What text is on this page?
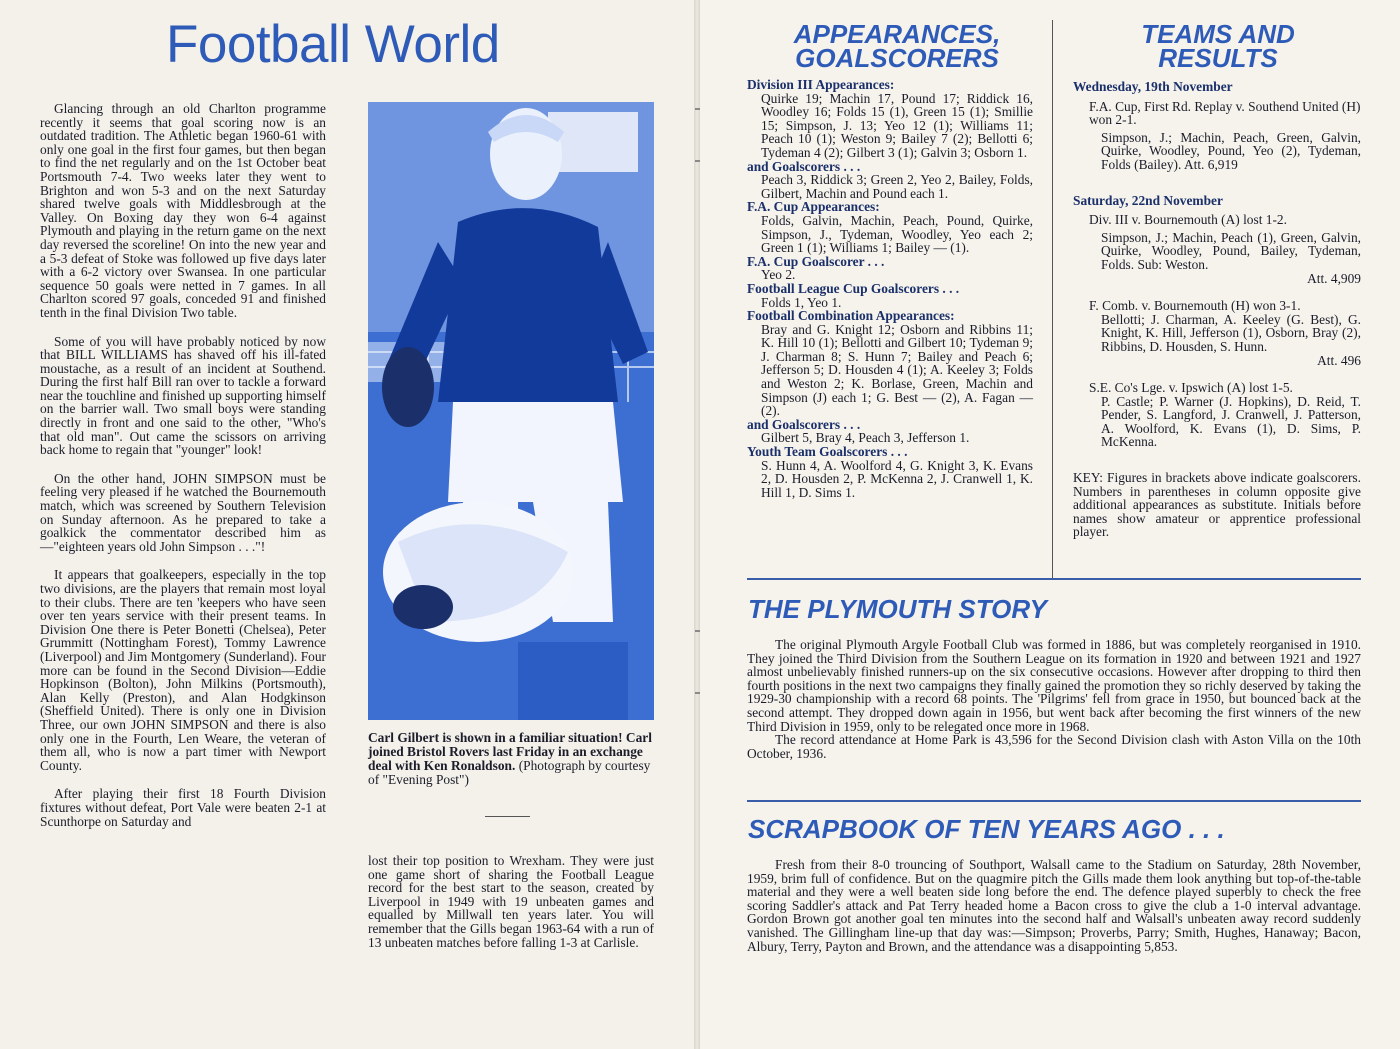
Football World

Glancing through an old Charlton programme recently it seems that goal scoring now is an outdated tradition. The Athletic began 1960-61 with only one goal in the first four games, but then began to find the net regularly and on the 1st October beat Portsmouth 7-4. Two weeks later they went to Brighton and won 5-3 and on the next Saturday shared twelve goals with Middlesbrough at the Valley. On Boxing day they won 6-4 against Plymouth and playing in the return game on the next day reversed the scoreline! On into the new year and a 5-3 defeat of Stoke was followed up five days later with a 6-2 victory over Swansea. In one particular sequence 50 goals were netted in 7 games. In all Charlton scored 97 goals, conceded 91 and finished tenth in the final Division Two table.

Some of you will have probably noticed by now that BILL WILLIAMS has shaved off his ill-fated moustache, as a result of an incident at Southend. During the first half Bill ran over to tackle a forward near the touchline and finished up supporting himself on the barrier wall. Two small boys were standing directly in front and one said to the other, "Who's that old man". Out came the scissors on arriving back home to regain that "younger" look!

On the other hand, JOHN SIMPSON must be feeling very pleased if he watched the Bournemouth match, which was screened by Southern Television on Sunday afternoon. As he prepared to take a goalkick the commentator described him as—"eighteen years old John Simpson . . ."!

It appears that goalkeepers, especially in the top two divisions, are the players that remain most loyal to their clubs. There are ten 'keepers who have seen over ten years service with their present teams. In Division One there is Peter Bonetti (Chelsea), Peter Grummitt (Nottingham Forest), Tommy Lawrence (Liverpool) and Jim Montgomery (Sunderland). Four more can be found in the Second Division—Eddie Hopkinson (Bolton), John Milkins (Portsmouth), Alan Kelly (Preston), and Alan Hodgkinson (Sheffield United). There is only one in Division Three, our own JOHN SIMPSON and there is also only one in the Fourth, Len Weare, the veteran of them all, who is now a part timer with Newport County.

After playing their first 18 Fourth Division fixtures without defeat, Port Vale were beaten 2-1 at Scunthorpe on Saturday and

Carl Gilbert is shown in a familiar situation! Carl joined Bristol Rovers last Friday in an exchange deal with Ken Ronaldson. (Photograph by courtesy of "Evening Post")

lost their top position to Wrexham. They were just one game short of sharing the Football League record for the best start to the season, created by Liverpool in 1949 with 19 unbeaten games and equalled by Millwall ten years later. You will remember that the Gills began 1963-64 with a run of 13 unbeaten matches before falling 1-3 at Carlisle.

APPEARANCES,
GOALSCORERS
Division III Appearances:
Quirke 19; Machin 17, Pound 17; Riddick 16, Woodley 16; Folds 15 (1), Green 15 (1); Smillie 15; Simpson, J. 13; Yeo 12 (1); Williams 11; Peach 10 (1); Weston 9; Bailey 7 (2); Bellotti 6; Tydeman 4 (2); Gilbert 3 (1); Galvin 3; Osborn 1.
and Goalscorers . . .
Peach 3, Riddick 3; Green 2, Yeo 2, Bailey, Folds, Gilbert, Machin and Pound each 1.
F.A. Cup Appearances:
Folds, Galvin, Machin, Peach, Pound, Quirke, Simpson, J., Tydeman, Woodley, Yeo each 2; Green 1 (1); Williams 1; Bailey — (1).
F.A. Cup Goalscorer . . .
Yeo 2.
Football League Cup Goalscorers . . .
Folds 1, Yeo 1.
Football Combination Appearances:
Bray and G. Knight 12; Osborn and Ribbins 11; K. Hill 10 (1); Bellotti and Gilbert 10; Tydeman 9; J. Charman 8; S. Hunn 7; Bailey and Peach 6; Jefferson 5; D. Housden 4 (1); A. Keeley 3; Folds and Weston 2; K. Borlase, Green, Machin and Simpson (J) each 1; G. Best — (2), A. Fagan — (2).
and Goalscorers . . .
Gilbert 5, Bray 4, Peach 3, Jefferson 1.
Youth Team Goalscorers . . .
S. Hunn 4, A. Woolford 4, G. Knight 3, K. Evans 2, D. Housden 2, P. McKenna 2, J. Cranwell 1, K. Hill 1, D. Sims 1.
TEAMS AND
RESULTS

Wednesday, 19th November

F.A. Cup, First Rd. Replay v. Southend United (H) won 2-1.

Simpson, J.; Machin, Peach, Green, Galvin, Quirke, Woodley, Pound, Yeo (2), Tydeman, Folds (Bailey). Att. 6,919

Saturday, 22nd November

Div. III v. Bournemouth (A) lost 1-2.

Simpson, J.; Machin, Peach (1), Green, Galvin, Quirke, Woodley, Pound, Bailey, Tydeman, Folds. Sub: Weston.

Att. 4,909

F. Comb. v. Bournemouth (H) won 3-1.

Bellotti; J. Charman, A. Keeley (G. Best), G. Knight, K. Hill, Jefferson (1), Osborn, Bray (2), Ribbins, D. Housden, S. Hunn.

Att. 496

S.E. Co's Lge. v. Ipswich (A) lost 1-5.

P. Castle; P. Warner (J. Hopkins), D. Reid, T. Pender, S. Langford, J. Cranwell, J. Patterson, A. Woolford, K. Evans (1), D. Sims, P. McKenna.

KEY: Figures in brackets above indicate goalscorers. Numbers in parentheses in column opposite give additional appearances as substitute. Initials before names show amateur or apprentice professional player.

THE PLYMOUTH STORY
The original Plymouth Argyle Football Club was formed in 1886, but was completely reorganised in 1910. They joined the Third Division from the Southern League on its formation in 1920 and between 1921 and 1927 almost unbelievably finished runners-up on the six consecutive occasions. However after dropping to third then fourth positions in the next two campaigns they finally gained the promotion they so richly deserved by taking the 1929-30 championship with a record 68 points. The 'Pilgrims' fell from grace in 1950, but bounced back at the second attempt. They dropped down again in 1956, but went back after becoming the first winners of the new Third Division in 1959, only to be relegated once more in 1968.
The record attendance at Home Park is 43,596 for the Second Division clash with Aston Villa on the 10th October, 1936.
SCRAPBOOK OF TEN YEARS AGO . . .
Fresh from their 8-0 trouncing of Southport, Walsall came to the Stadium on Saturday, 28th November, 1959, brim full of confidence. But on the quagmire pitch the Gills made them look anything but top-of-the-table material and they were a well beaten side long before the end. The defence played superbly to check the free scoring Saddler's attack and Pat Terry headed home a Bacon cross to give the club a 1-0 interval advantage. Gordon Brown got another goal ten minutes into the second half and Walsall's unbeaten away record suddenly vanished. The Gillingham line-up that day was:—Simpson; Proverbs, Parry; Smith, Hughes, Hanaway; Bacon, Albury, Terry, Payton and Brown, and the attendance was a disappointing 5,853.
